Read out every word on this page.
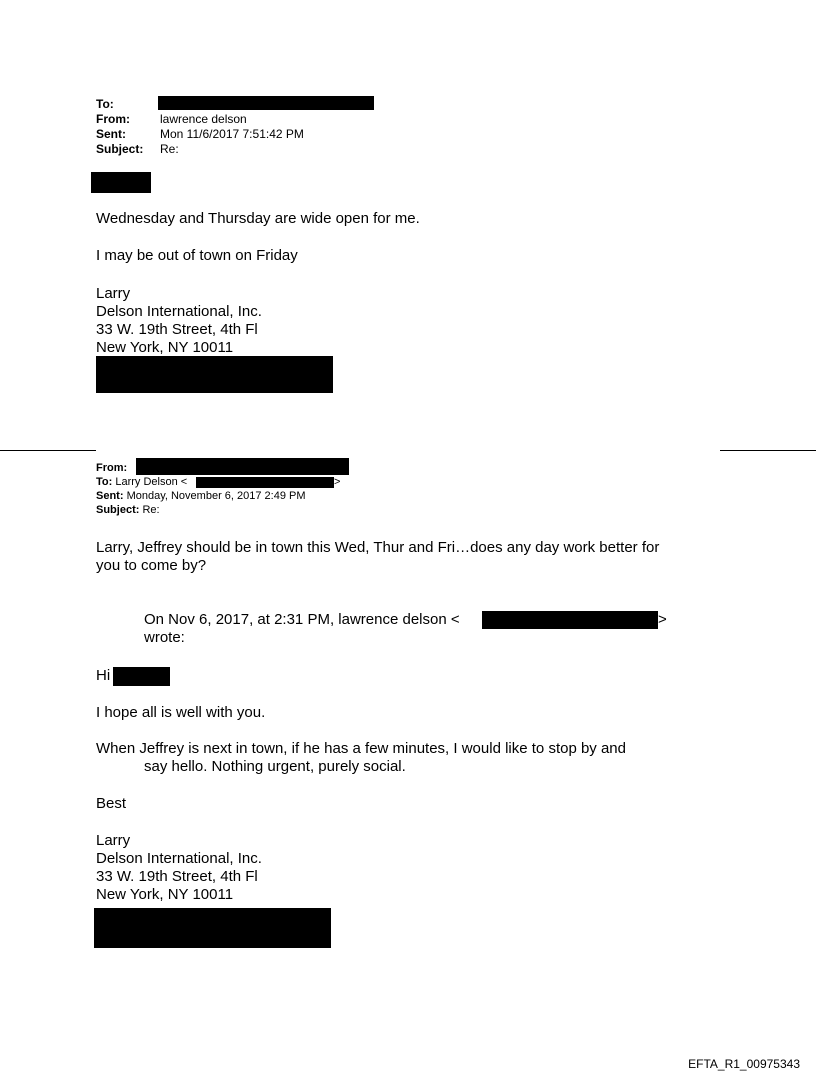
To:
From:	lawrence delson
Sent:	Mon 11/6/2017 7:51:42 PM
Subject: Re:
Wednesday and Thursday are wide open for me.
I may be out of town on Friday
Larry
Delson International, Inc.
33 W. 19th Street, 4th Fl
New York, NY 10011
From:
To: Larry Delson <	>
Sent: Monday, November 6, 2017 2:49 PM
Subject: Re:
Larry, Jeffrey should be in town this Wed, Thur and Fri…does any day work better for
you to come by?
On Nov 6, 2017, at 2:31 PM, lawrence delson <	>
wrote:
Hi
I hope all is well with you.
When Jeffrey is next in town, if he has a few minutes, I would like to stop by and
say hello. Nothing urgent, purely social.
Best
Larry
Delson International, Inc.
33 W. 19th Street, 4th Fl
New York, NY 10011
EFTA_R1_00975343
